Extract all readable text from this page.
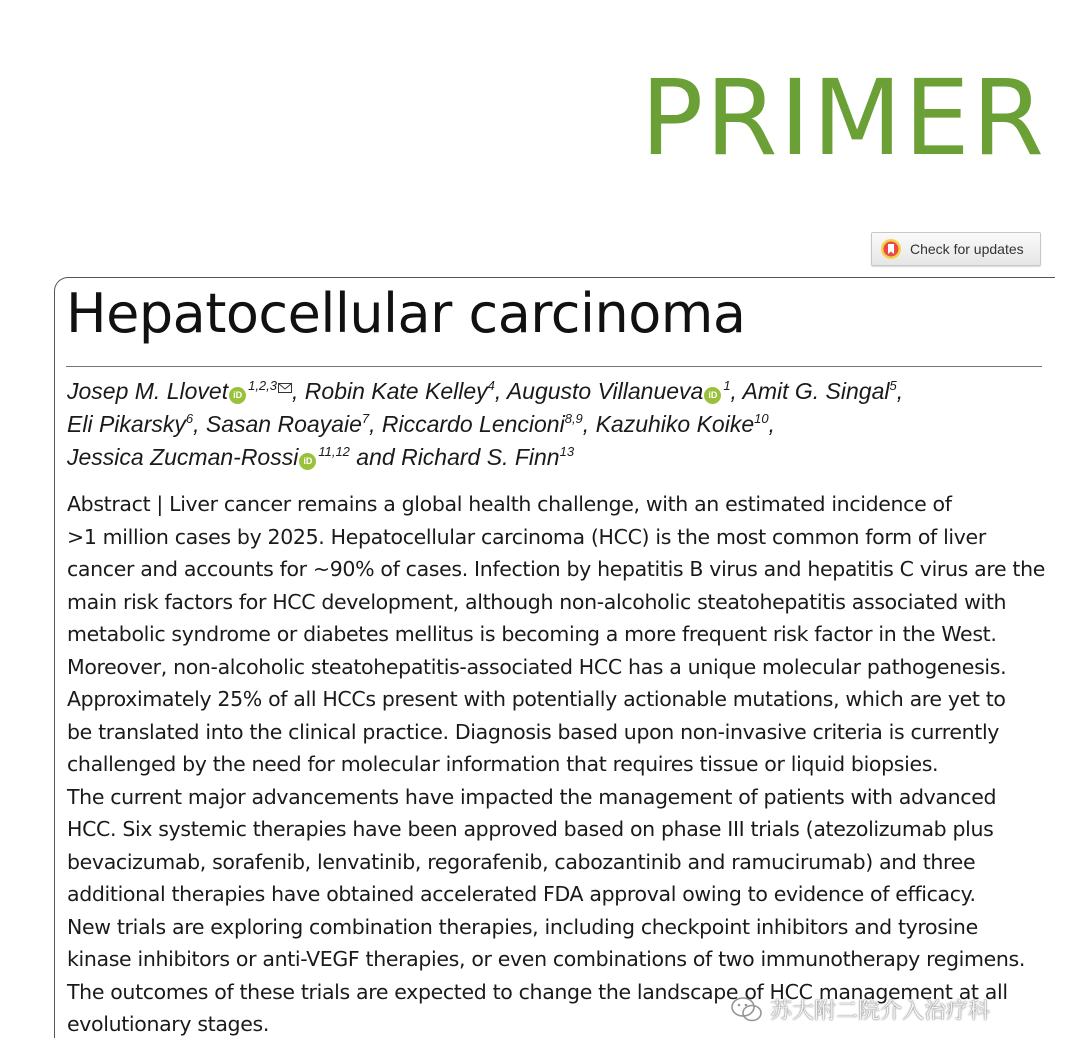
PRIMER
Check for updates
Hepatocellular carcinoma
Josep M. Llovet iD$^{1,2,3}$ , Robin Kate Kelley$^4$, Augusto Villanueva $iD^1$, Amit G. Singal$^5$,
Eli Pikarsky$^6$, Sasan Roayaie$^7$, Riccardo Lencioni$^{8,9}$, Kazuhiko Koike$^{10}$,
Jessica Zucman-Rossi iD$^{11,12}$ and Richard S. Finn$^{13}$
Abstract | Liver cancer remains a global health challenge, with an estimated incidence of
>1 million cases by 2025. Hepatocellular carcinoma (HCC) is the most common form of liver
cancer and accounts for ~90% of cases. Infection by hepatitis B virus and hepatitis C virus are the
main risk factors for HCC development, although non-alcoholic steatohepatitis associated with
metabolic syndrome or diabetes mellitus is becoming a more frequent risk factor in the West.
Moreover, non-alcoholic steatohepatitis-associated HCC has a unique molecular pathogenesis.
Approximately 25% of all HCCs present with potentially actionable mutations, which are yet to
be translated into the clinical practice. Diagnosis based upon non-invasive criteria is currently
challenged by the need for molecular information that requires tissue or liquid biopsies.
The current major advancements have impacted the management of patients with advanced
HCC. Six systemic therapies have been approved based on phase III trials (atezolizumab plus
bevacizumab, sorafenib, lenvatinib, regorafenib, cabozantinib and ramucirumab) and three
additional therapies have obtained accelerated FDA approval owing to evidence of efficacy.
New trials are exploring combination therapies, including checkpoint inhibitors and tyrosine
kinase inhibitors or anti-VEGF therapies, or even combinations of two immunotherapy regimens.
The outcomes of these trials are expected to change the landscape of HCC management at all
evolutionary stages.	苏大附二院介入治疗科
